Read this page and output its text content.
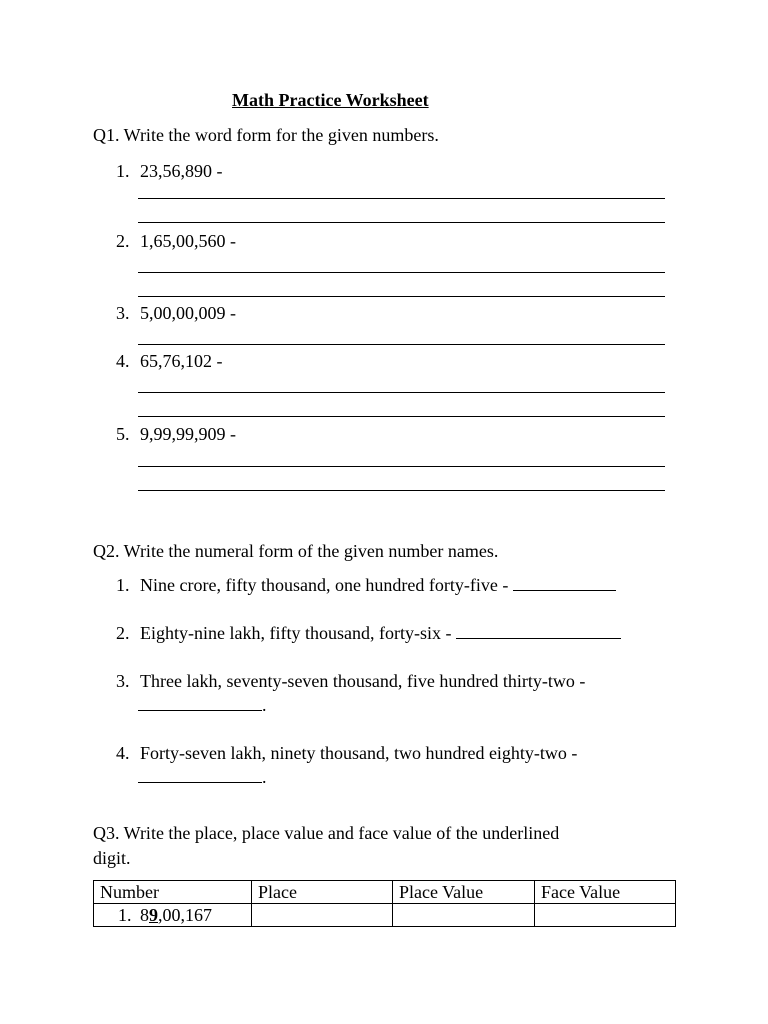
Math Practice Worksheet
Q1. Write the word form for the given numbers.
1. 23,56,890 -
2. 1,65,00,560 -
3. 5,00,00,009 -
4. 65,76,102 -
5. 9,99,99,909 -
Q2. Write the numeral form of the given number names.
1. Nine crore, fifty thousand, one hundred forty-five -
2. Eighty-nine lakh, fifty thousand, forty-six -
3. Three lakh, seventy-seven thousand, five hundred thirty-two -
.
4. Forty-seven lakh, ninety thousand, two hundred eighty-two -
.
Q3. Write the place, place value and face value of the underlined
digit.
Number	Place	Place Value	Face Value
1. 89,00,167			
